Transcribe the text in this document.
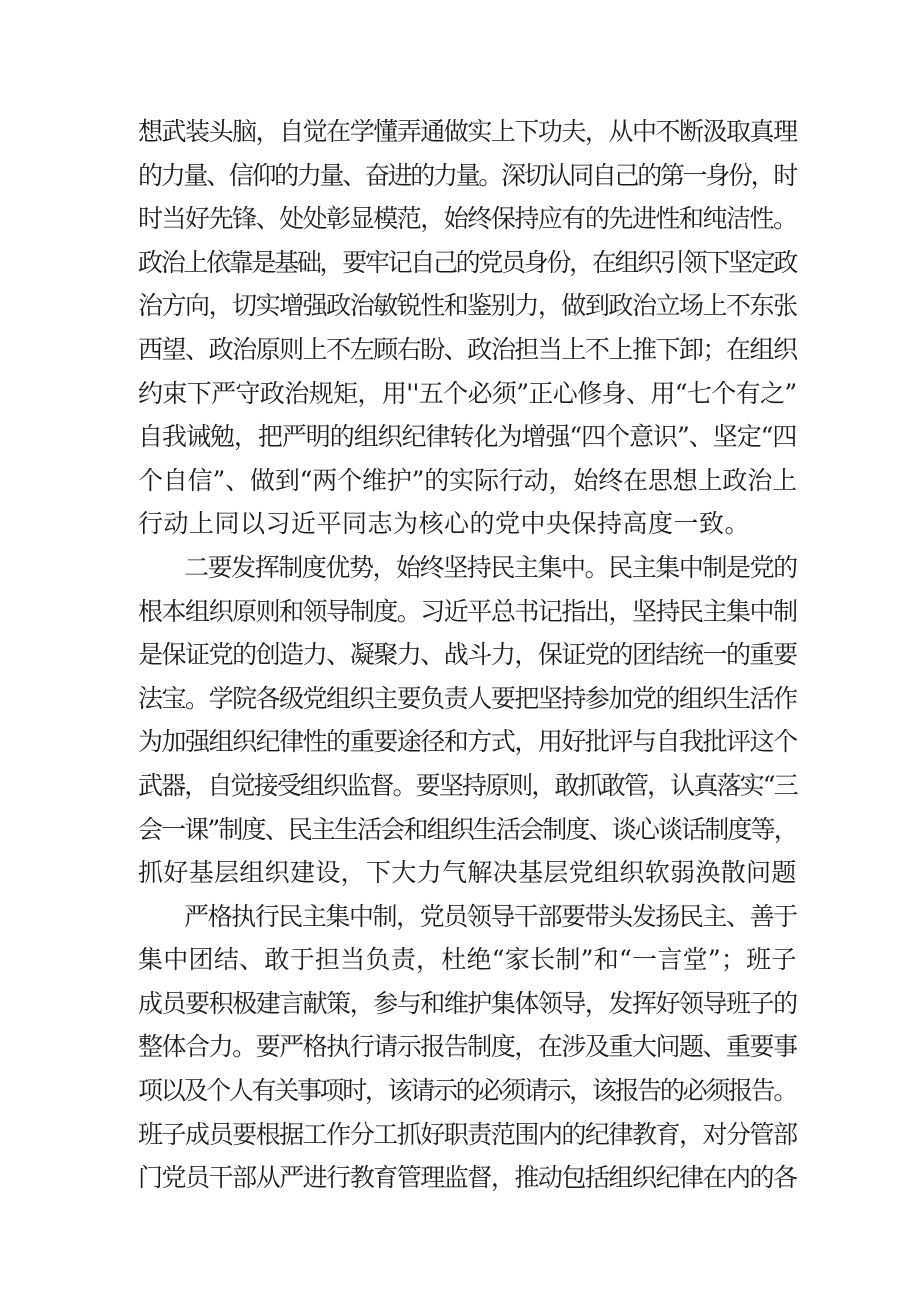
想武装头脑，自觉在学懂弄通做实上下功夫，从中不断汲取真理
的力量、信仰的力量、奋进的力量。深切认同自己的第一身份，时
时当好先锋、处处彰显模范，始终保持应有的先进性和纯洁性。
政治上依靠是基础，要牢记自己的党员身份，在组织引领下坚定政
治方向，切实增强政治敏锐性和鉴别力，做到政治立场上不东张
西望、政治原则上不左顾右盼、政治担当上不上推下卸；在组织
约束下严守政治规矩，用''五个必须”正心修身、用“七个有之”
自我诫勉，把严明的组织纪律转化为增强“四个意识”、坚定“四
个自信”、做到“两个维护”的实际行动，始终在思想上政治上
行动上同以习近平同志为核心的党中央保持高度一致。
二要发挥制度优势，始终坚持民主集中。民主集中制是党的
根本组织原则和领导制度。习近平总书记指出，坚持民主集中制
是保证党的创造力、凝聚力、战斗力，保证党的团结统一的重要
法宝。学院各级党组织主要负责人要把坚持参加党的组织生活作
为加强组织纪律性的重要途径和方式，用好批评与自我批评这个
武器，自觉接受组织监督。要坚持原则，敢抓敢管，认真落实“三
会一课”制度、民主生活会和组织生活会制度、谈心谈话制度等，
抓好基层组织建设，下大力气解决基层党组织软弱涣散问题
严格执行民主集中制，党员领导干部要带头发扬民主、善于
集中团结、敢于担当负责，杜绝“家长制”和“一言堂”；班子
成员要积极建言献策，参与和维护集体领导，发挥好领导班子的
整体合力。要严格执行请示报告制度，在涉及重大问题、重要事
项以及个人有关事项时，该请示的必须请示，该报告的必须报告。
班子成员要根据工作分工抓好职责范围内的纪律教育，对分管部
门党员干部从严进行教育管理监督，推动包括组织纪律在内的各
